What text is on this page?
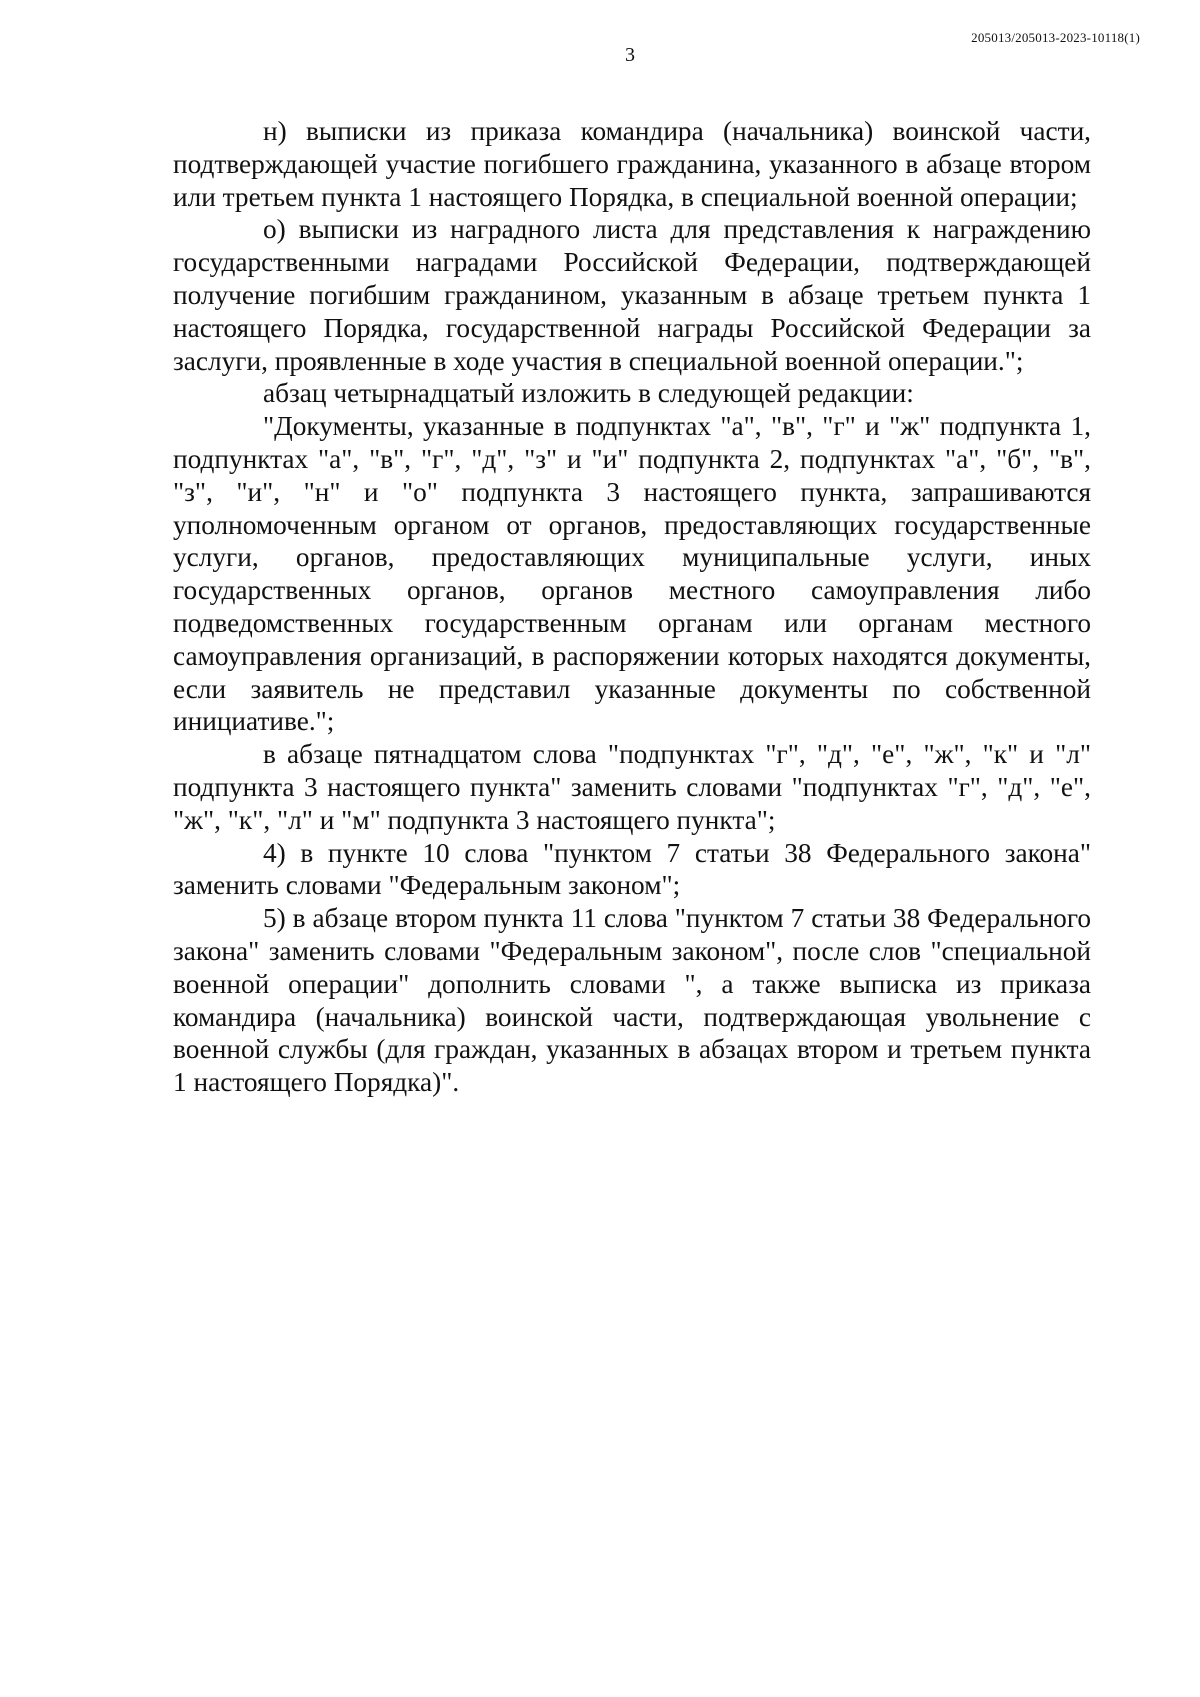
205013/205013-2023-10118(1)
3

н) выписки из приказа командира (начальника) воинской части, подтверждающей участие погибшего гражданина, указанного в абзаце втором или третьем пункта 1 настоящего Порядка, в специальной военной операции;

о) выписки из наградного листа для представления к награждению государственными наградами Российской Федерации, подтверждающей получение погибшим гражданином, указанным в абзаце третьем пункта 1 настоящего Порядка, государственной награды Российской Федерации за заслуги, проявленные в ходе участия в специальной военной операции.";

абзац четырнадцатый изложить в следующей редакции:

"Документы, указанные в подпунктах "а", "в", "г" и "ж" подпункта 1, подпунктах "а", "в", "г", "д", "з" и "и" подпункта 2, подпунктах "а", "б", "в", "з", "и", "н" и "о" подпункта 3 настоящего пункта, запрашиваются уполномоченным органом от органов, предоставляющих государственные услуги, органов, предоставляющих муниципальные услуги, иных государственных органов, органов местного самоуправления либо подведомственных государственным органам или органам местного самоуправления организаций, в распоряжении которых находятся документы, если заявитель не представил указанные документы по собственной инициативе.";

в абзаце пятнадцатом слова "подпунктах "г", "д", "е", "ж", "к" и "л" подпункта 3 настоящего пункта" заменить словами "подпунктах "г", "д", "е", "ж", "к", "л" и "м" подпункта 3 настоящего пункта";

4) в пункте 10 слова "пунктом 7 статьи 38 Федерального закона" заменить словами "Федеральным законом";

5) в абзаце втором пункта 11 слова "пунктом 7 статьи 38 Федерального закона" заменить словами "Федеральным законом", после слов "специальной военной операции" дополнить словами ", а также выписка из приказа командира (начальника) воинской части, подтверждающая увольнение с военной службы (для граждан, указанных в абзацах втором и третьем пункта 1 настоящего Порядка)".
